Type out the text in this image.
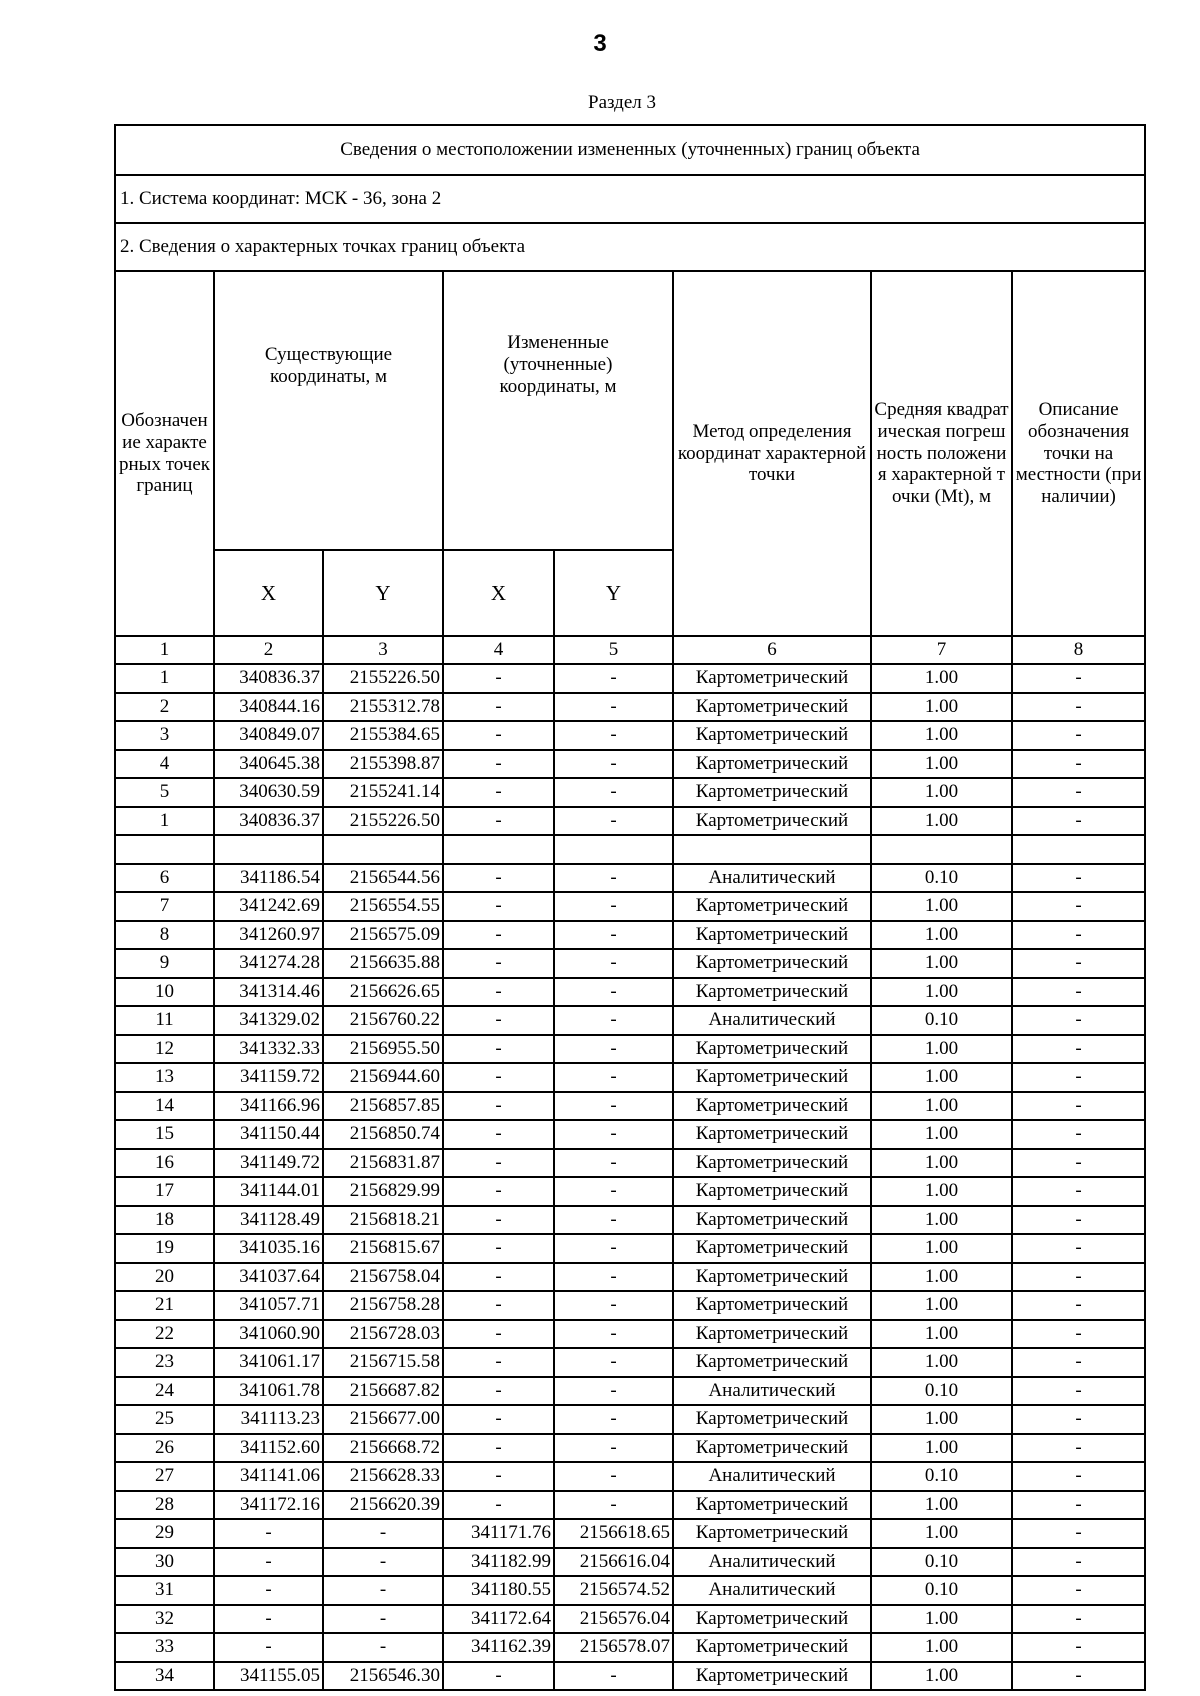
3
Раздел 3
Сведения о местоположении измененных (уточненных) границ объекта							
1. Система координат: МСК - 36, зона 2							
2. Сведения о характерных точках границ объекта							

Обозначение характерных точек границ	Существующие координаты, м		Измененные (уточненные) координаты, м		Метод определения координат характерной точки	Средняя квадратическая погрешность положения характерной точки (Mt), м	Описание обозначения точки на местности (при наличии)

	X	Y	X	Y			
1	2	3	4	5	6	7	8
1	340836.37	2155226.50	-	-	Картометрический	1.00	-
2	340844.16	2155312.78	-	-	Картометрический	1.00	-
3	340849.07	2155384.65	-	-	Картометрический	1.00	-
4	340645.38	2155398.87	-	-	Картометрический	1.00	-
5	340630.59	2155241.14	-	-	Картометрический	1.00	-
1	340836.37	2155226.50	-	-	Картометрический	1.00	-

6	341186.54	2156544.56	-	-	Аналитический	0.10	-
7	341242.69	2156554.55	-	-	Картометрический	1.00	-
8	341260.97	2156575.09	-	-	Картометрический	1.00	-
9	341274.28	2156635.88	-	-	Картометрический	1.00	-
10	341314.46	2156626.65	-	-	Картометрический	1.00	-
11	341329.02	2156760.22	-	-	Аналитический	0.10	-
12	341332.33	2156955.50	-	-	Картометрический	1.00	-
13	341159.72	2156944.60	-	-	Картометрический	1.00	-
14	341166.96	2156857.85	-	-	Картометрический	1.00	-
15	341150.44	2156850.74	-	-	Картометрический	1.00	-
16	341149.72	2156831.87	-	-	Картометрический	1.00	-
17	341144.01	2156829.99	-	-	Картометрический	1.00	-
18	341128.49	2156818.21	-	-	Картометрический	1.00	-
19	341035.16	2156815.67	-	-	Картометрический	1.00	-
20	341037.64	2156758.04	-	-	Картометрический	1.00	-
21	341057.71	2156758.28	-	-	Картометрический	1.00	-
22	341060.90	2156728.03	-	-	Картометрический	1.00	-
23	341061.17	2156715.58	-	-	Картометрический	1.00	-
24	341061.78	2156687.82	-	-	Аналитический	0.10	-
25	341113.23	2156677.00	-	-	Картометрический	1.00	-
26	341152.60	2156668.72	-	-	Картометрический	1.00	-
27	341141.06	2156628.33	-	-	Аналитический	0.10	-
28	341172.16	2156620.39	-	-	Картометрический	1.00	-
29	-	-	341171.76	2156618.65	Картометрический	1.00	-
30	-	-	341182.99	2156616.04	Аналитический	0.10	-
31	-	-	341180.55	2156574.52	Аналитический	0.10	-
32	-	-	341172.64	2156576.04	Картометрический	1.00	-
33	-	-	341162.39	2156578.07	Картометрический	1.00	-
34	341155.05	2156546.30	-	-	Картометрический	1.00	-
